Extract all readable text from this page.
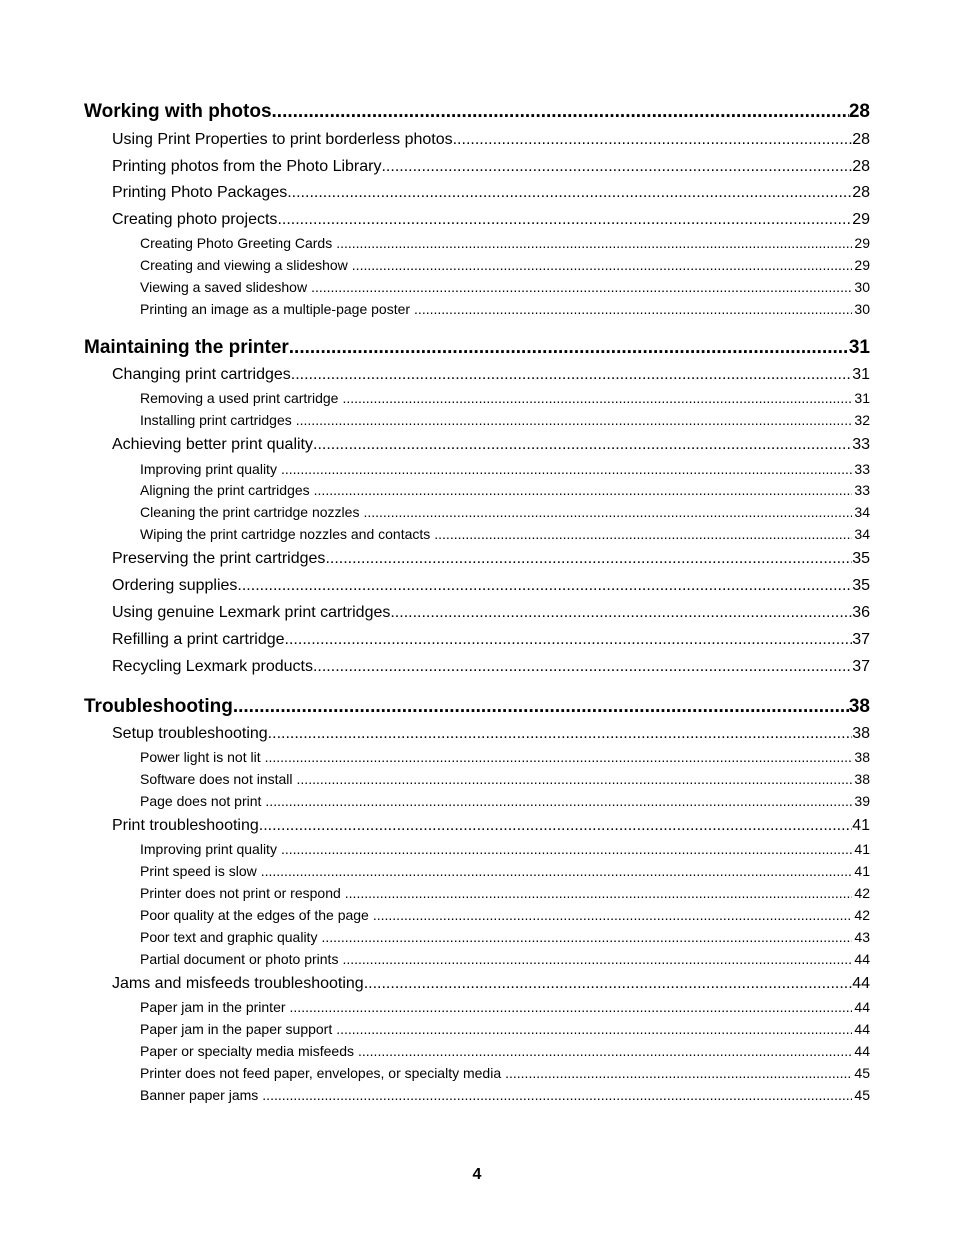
Working with photos .....	28
Using Print Properties to print borderless photos .....	28
Printing photos from the Photo Library .....	28
Printing Photo Packages .....	28
Creating photo projects .....	29
Creating Photo Greeting Cards .....	29
Creating and viewing a slideshow .....	29
Viewing a saved slideshow .....	30
Printing an image as a multiple-page poster .....	30
Maintaining the printer .....	31
Changing print cartridges .....	31
Removing a used print cartridge .....	31
Installing print cartridges .....	32
Achieving better print quality .....	33
Improving print quality .....	33
Aligning the print cartridges .....	33
Cleaning the print cartridge nozzles .....	34
Wiping the print cartridge nozzles and contacts .....	34
Preserving the print cartridges .....	35
Ordering supplies .....	35
Using genuine Lexmark print cartridges .....	36
Refilling a print cartridge .....	37
Recycling Lexmark products .....	37
Troubleshooting .....	38
Setup troubleshooting .....	38
Power light is not lit .....	38
Software does not install .....	38
Page does not print .....	39
Print troubleshooting .....	41
Improving print quality .....	41
Print speed is slow .....	41
Printer does not print or respond .....	42
Poor quality at the edges of the page .....	42
Poor text and graphic quality .....	43
Partial document or photo prints .....	44
Jams and misfeeds troubleshooting .....	44
Paper jam in the printer .....	44
Paper jam in the paper support .....	44
Paper or specialty media misfeeds .....	44
Printer does not feed paper, envelopes, or specialty media .....	45
Banner paper jams .....	45
4
